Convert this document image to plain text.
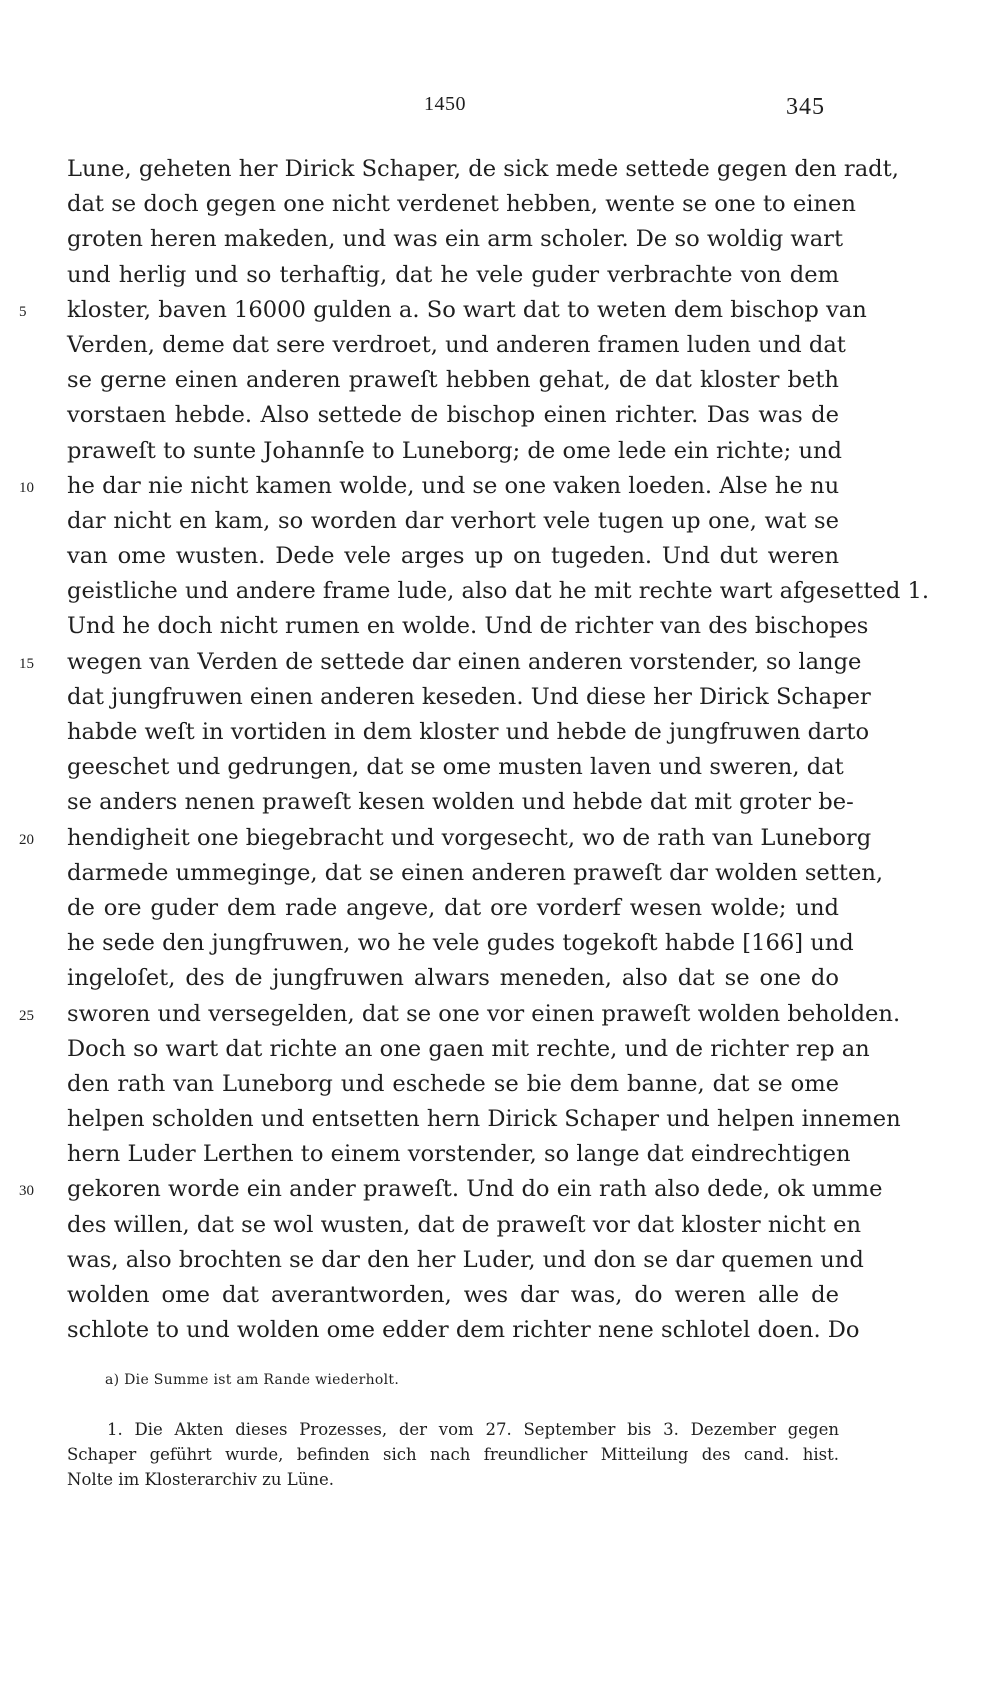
1450	345
Lune, geheten her Dirick Schaper, de sick mede settede gegen den radt,
dat se doch gegen one nicht verdenet hebben, wente se one to einen
groten heren makeden, und was ein arm scholer. De so woldig wart
und herlig und so terhaftig, dat he vele guder verbrachte von dem
5	kloster, baven 16000 gulden a. So wart dat to weten dem bischop van
Verden, deme dat sere verdroet, und anderen framen luden und dat
se gerne einen anderen praweſt hebben gehat, de dat kloster beth
vorstaen hebde. Also settede de bischop einen richter. Das was de
praweſt to sunte Johannſe to Luneborg; de ome lede ein richte; und
10	he dar nie nicht kamen wolde, und se one vaken loeden. Alse he nu
dar nicht en kam, so worden dar verhort vele tugen up one, wat se
van ome wusten. Dede vele arges up on tugeden. Und dut weren
geistliche und andere frame lude, also dat he mit rechte wart afgesetted 1.
Und he doch nicht rumen en wolde. Und de richter van des bischopes
15	wegen van Verden de settede dar einen anderen vorstender, so lange
dat jungfruwen einen anderen keseden. Und diese her Dirick Schaper
habde weſt in vortiden in dem kloster und hebde de jungfruwen darto
geeschet und gedrungen, dat se ome musten laven und sweren, dat
se anders nenen praweſt kesen wolden und hebde dat mit groter be-
20	hendigheit one biegebracht und vorgesecht, wo de rath van Luneborg
darmede ummeginge, dat se einen anderen praweſt dar wolden setten,
de ore guder dem rade angeve, dat ore vorderf wesen wolde; und
he sede den jungfruwen, wo he vele gudes togekoft habde [166] und
ingeloſet, des de jungfruwen alwars meneden, also dat se one do
25	sworen und versegelden, dat se one vor einen praweſt wolden beholden.
Doch so wart dat richte an one gaen mit rechte, und de richter rep an
den rath van Luneborg und eschede se bie dem banne, dat se ome
helpen scholden und entsetten hern Dirick Schaper und helpen innemen
hern Luder Lerthen to einem vorstender, so lange dat eindrechtigen
30	gekoren worde ein ander praweſt. Und do ein rath also dede, ok umme
des willen, dat se wol wusten, dat de praweſt vor dat kloster nicht en
was, also brochten se dar den her Luder, und don se dar quemen und
wolden ome dat averantworden, wes dar was, do weren alle de
schlote to und wolden ome edder dem richter nene schlotel doen. Do
a) Die Summe ist am Rande wiederholt.
1. Die Akten dieses Prozesses, der vom 27. September bis 3. Dezember gegen
Schaper geführt wurde, befinden sich nach freundlicher Mitteilung des cand. hist.
Nolte im Klosterarchiv zu Lüne.
